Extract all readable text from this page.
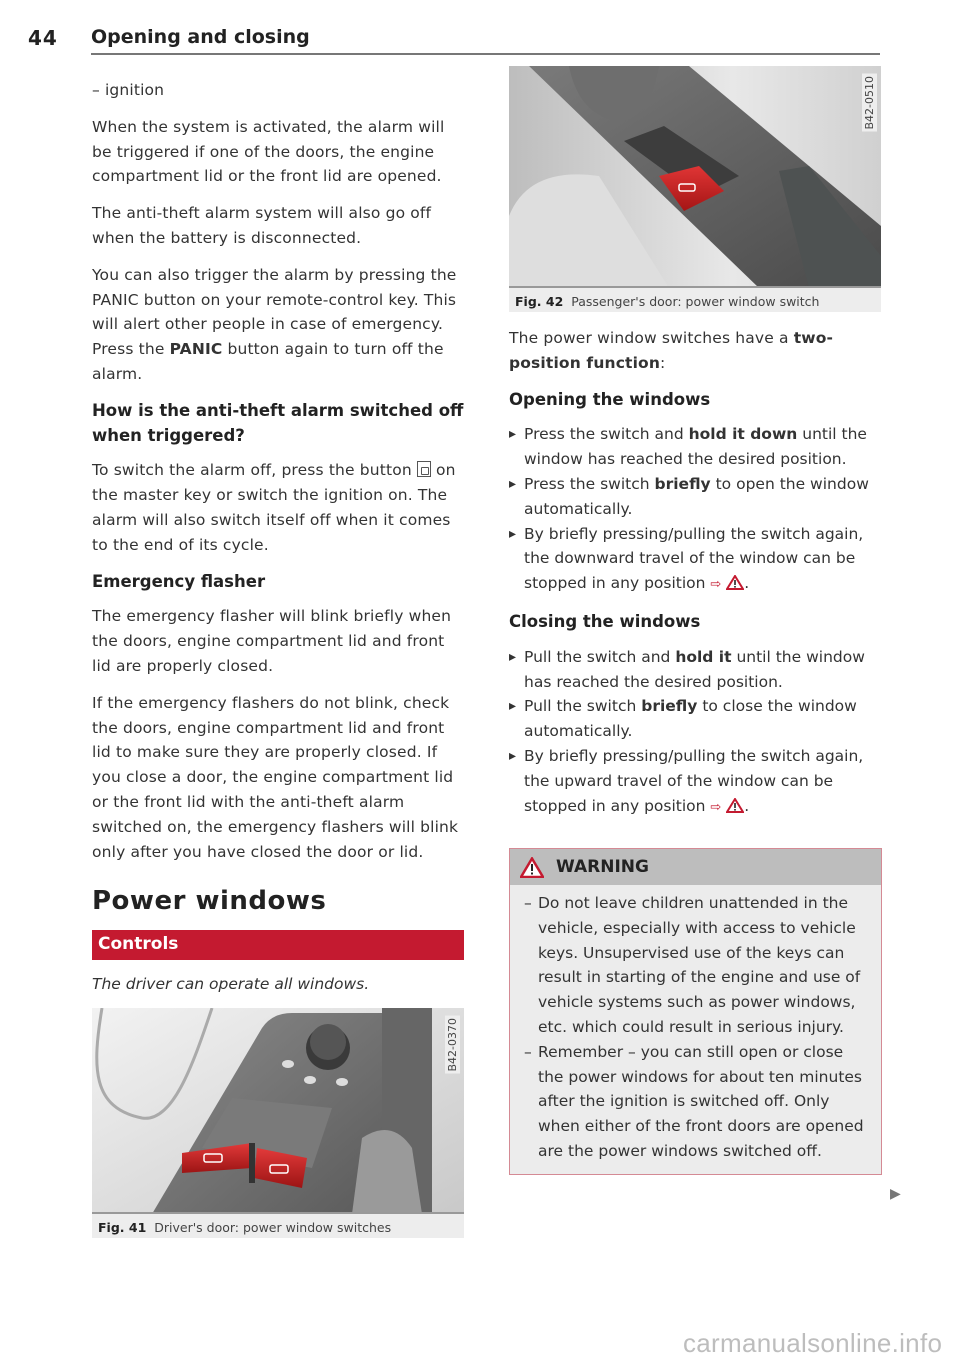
44 Opening and closing

– ignition

When the system is activated, the alarm will be triggered if one of the doors, the engine compartment lid or the front lid are opened.

The anti-theft alarm system will also go off when the battery is disconnected.

You can also trigger the alarm by pressing the PANIC button on your remote-control key. This will alert other people in case of emergency. Press the PANIC button again to turn off the alarm.

How is the anti-theft alarm switched off when triggered?

To switch the alarm off, press the button  on the master key or switch the ignition on. The alarm will also switch itself off when it comes to the end of its cycle.

Emergency flasher

The emergency flasher will blink briefly when the doors, engine compartment lid and front lid are properly closed.

If the emergency flashers do not blink, check the doors, engine compartment lid and front lid to make sure they are properly closed. If you close a door, the engine compartment lid or the front lid with the anti-theft alarm switched on, the emergency flashers will blink only after you have closed the door or lid.

Power windows
Controls
The driver can operate all windows.
B42-0370
Fig. 41 Driver's door: power window switches
B42-0510
Fig. 42 Passenger's door: power window switch

The power window switches have a two-position function:

Opening the windows
▸ Press the switch and hold it down until the window has reached the desired position.
▸ Press the switch briefly to open the window automatically.
▸ By briefly pressing/pulling the switch again, the downward travel of the window can be stopped in any position ⇨ .
Closing the windows
▸ Pull the switch and hold it until the window has reached the desired position.
▸ Pull the switch briefly to close the window automatically.
▸ By briefly pressing/pulling the switch again, the upward travel of the window can be stopped in any position ⇨ .
WARNING
– Do not leave children unattended in the vehicle, especially with access to vehicle keys. Unsupervised use of the keys can result in starting of the engine and use of vehicle systems such as power windows, etc. which could result in serious injury.
– Remember – you can still open or close the power windows for about ten minutes after the ignition is switched off. Only when either of the front doors are opened are the power windows switched off.
▶
carmanualsonline.info
